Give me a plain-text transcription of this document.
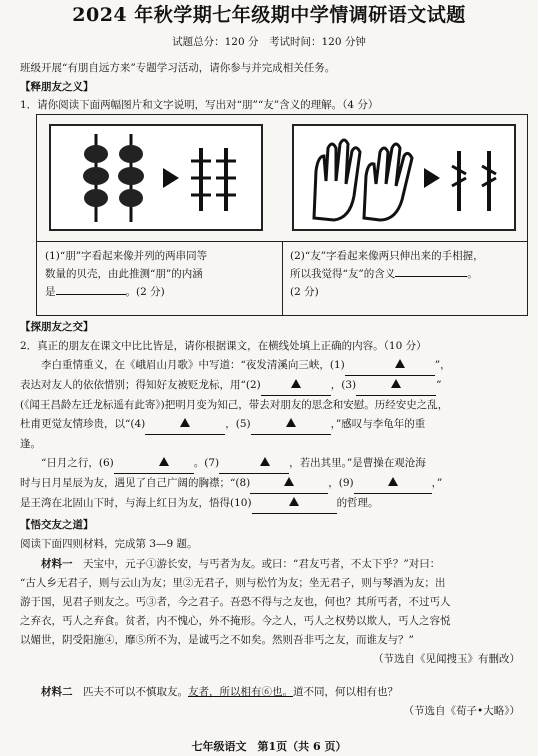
2024 年秋学期七年级期中学情调研语文试题
试题总分：120 分　考试时间：120 分钟
班级开展“有朋自远方来”专题学习活动，请你参与并完成相关任务。
【释朋友之义】
1．请你阅读下面两幅图片和文字说明，写出对“朋”“友”含义的理解。（4 分）
(1)“朋”字看起来像并列的两串同等
数量的贝壳，由此推测“朋”的内涵
是	。(2 分)
(2)“友”字看起来像两只伸出来的手相握，
所以我觉得“友”的含义	。
(2 分)
【探朋友之交】
2．真正的朋友在课文中比比皆是，请你根据课文，在横线处填上正确的内容。（10 分）
李白重情重义，在《峨眉山月歌》中写道：“夜发清溪向三峡，(1)	”，
表达对友人的依依惜别；得知好友被贬龙标，用“(2)	，(3)	”
(《闻王昌龄左迁龙标遥有此寄》)把明月变为知己，带去对朋友的思念和安慰。历经安史之乱，
杜甫更觉友情珍贵，以“(4)	，(5)	，”感叹与李龟年的重
逢。
“日月之行，(6)	。(7)	，若出其里。”是曹操在观沧海
时与日月星辰为友，遇见了自己广阔的胸襟；“(8)	，(9)	，”
是王湾在北固山下时，与海上红日为友，悟得(10)	的哲理。
【悟交友之道】
阅读下面四则材料，完成第 3—9 题。
材料一　 天宝中，元子①游长安，与丐者为友。或曰：“君友丐者，不太下乎？”对曰：
“古人乡无君子，则与云山为友；里②无君子，则与松竹为友；坐无君子，则与琴酒为友；出
游于国，见君子则友之。丐③者，今之君子。吾恐不得与之友也，何也？其所丐者，不过丐人
之弃衣，丐人之弃食。贫者，内不愧心，外不掩形。今之人，丐人之权势以欺人，丐人之容悦
以媚世，阴受阳施④，靡⑤所不为，是诚丐之不如矣。然则吾非丐之友，而谁友与？”
（节选自《见闻搜玉》有删改）
材料二　 匹夫不可以不慎取友。友者，所以相有⑥也。道不同，何以相有也？
（节选自《荀子•大略》）
七年级语文　第1页（共 6 页）
